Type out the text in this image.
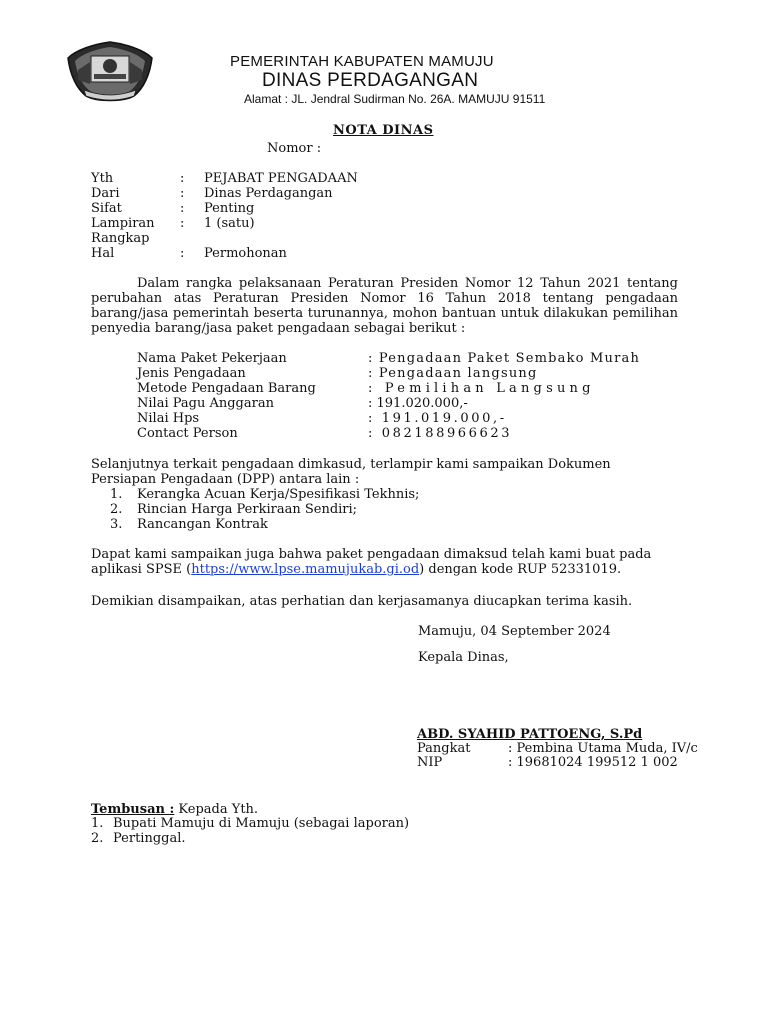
PEMERINTAH KABUPATEN MAMUJU
DINAS PERDAGANGAN
Alamat : JL. Jendral Sudirman No. 26A. MAMUJU 91511
NOTA DINAS
Nomor :
Yth	: PEJABAT PENGADAAN
Dari	: Dinas Perdagangan
Sifat	: Penting
Lampiran : 1 (satu)
Rangkap
Hal	: Permohonan
Dalam rangka pelaksanaan Peraturan Presiden Nomor 12 Tahun 2021 tentang perubahan atas Peraturan Presiden Nomor 16 Tahun 2018 tentang pengadaan barang/jasa pemerintah beserta turunannya, mohon bantuan untuk dilakukan pemilihan penyedia barang/jasa paket pengadaan sebagai berikut :
Nama Paket Pekerjaan	: Pengadaan Paket Sembako Murah
Jenis Pengadaan	: Pengadaan langsung
Metode Pengadaan Barang	: Pemilihan Langsung
Nilai Pagu Anggaran	: 191.020.000,-
Nilai Hps	: 191.019.000,-
Contact Person	: 082188966623
Selanjutnya terkait pengadaan dimkasud, terlampir kami sampaikan Dokumen
Persiapan Pengadaan (DPP) antara lain :
1. Kerangka Acuan Kerja/Spesifikasi Tekhnis;
2. Rincian Harga Perkiraan Sendiri;
3. Rancangan Kontrak
Dapat kami sampaikan juga bahwa paket pengadaan dimaksud telah kami buat pada
aplikasi SPSE (https://www.lpse.mamujukab.gi.od) dengan kode RUP 52331019.
Demikian disampaikan, atas perhatian dan kerjasamanya diucapkan terima kasih.
Mamuju, 04 September 2024
Kepala Dinas,
ABD. SYAHID PATTOENG, S.Pd
Pangkat	: Pembina Utama Muda, IV/c
NIP	: 19681024 199512 1 002
Tembusan : Kepada Yth.
1. Bupati Mamuju di Mamuju (sebagai laporan)
2. Pertinggal.
